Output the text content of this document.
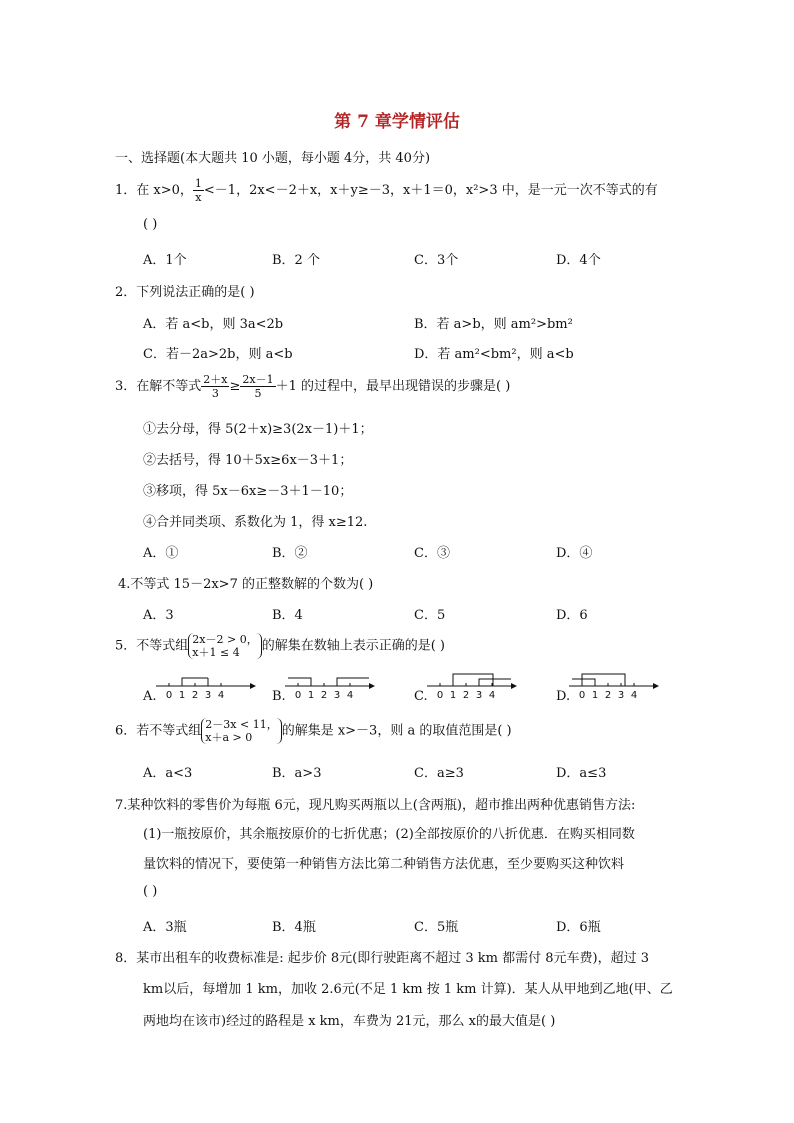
第 7 章学情评估
一、选择题(本大题共 10 小题，每小题 4分，共 40分)
1．在 x>0， $\frac{1}{x} <-1$，2x<－2＋x，x＋y≥－3，x＋1＝0，x²>3 中，是一元一次不等式的有
( )
A．1个	B．2 个	C．3个	D．4个
2．下列说法正确的是( )
A．若 a<b，则 3a<2b	B．若 a>b，则 am²>bm²
C．若－2a>2b，则 a<b	D．若 am²<bm²，则 a<b
3．在解不等式 $\frac{2+x}{3} \ge \frac{2x-1}{5} +1$ 的过程中，最早出现错误的步骤是( )
①去分母，得 5(2＋x)≥3(2x－1)＋1；
②去括号，得 10＋5x≥6x－3＋1；
③移项，得 5x－6x≥－3＋1－10；
④合并同类项、系数化为 1，得 x≥12.
A．①	B．②	C．③	D．④
4.不等式 15－2x>7 的正整数解的个数为( )
A．3	B．4	C．5	D．6
5．不等式组 2x－2 > 0，
x＋1 ≤ 4	的解集在数轴上表示正确的是( )
A. 0 1 2 3 4	B. 0 1 2 3 4	C. 0 1 2 3 4	D. 0 1 2 3 4
6．若不等式组 2－3x < 11，
x＋a > 0	的解集是 x>－3，则 a 的取值范围是( )
A．a<3	B．a>3	C．a≥3	D．a≤3
7.某种饮料的零售价为每瓶 6元，现凡购买两瓶以上(含两瓶)，超市推出两种优惠销售方法:
(1)一瓶按原价，其余瓶按原价的七折优惠；(2)全部按原价的八折优惠．在购买相同数
量饮料的情况下，要使第一种销售方法比第二种销售方法优惠，至少要购买这种饮料
( )
A．3瓶	B．4瓶	C．5瓶	D．6瓶
8．某市出租车的收费标准是: 起步价 8元(即行驶距离不超过 3 km 都需付 8元车费)，超过 3
km以后，每增加 1 km，加收 2.6元(不足 1 km 按 1 km 计算)．某人从甲地到乙地(甲、乙
两地均在该市)经过的路程是 x km，车费为 21元，那么 x的最大值是( )
